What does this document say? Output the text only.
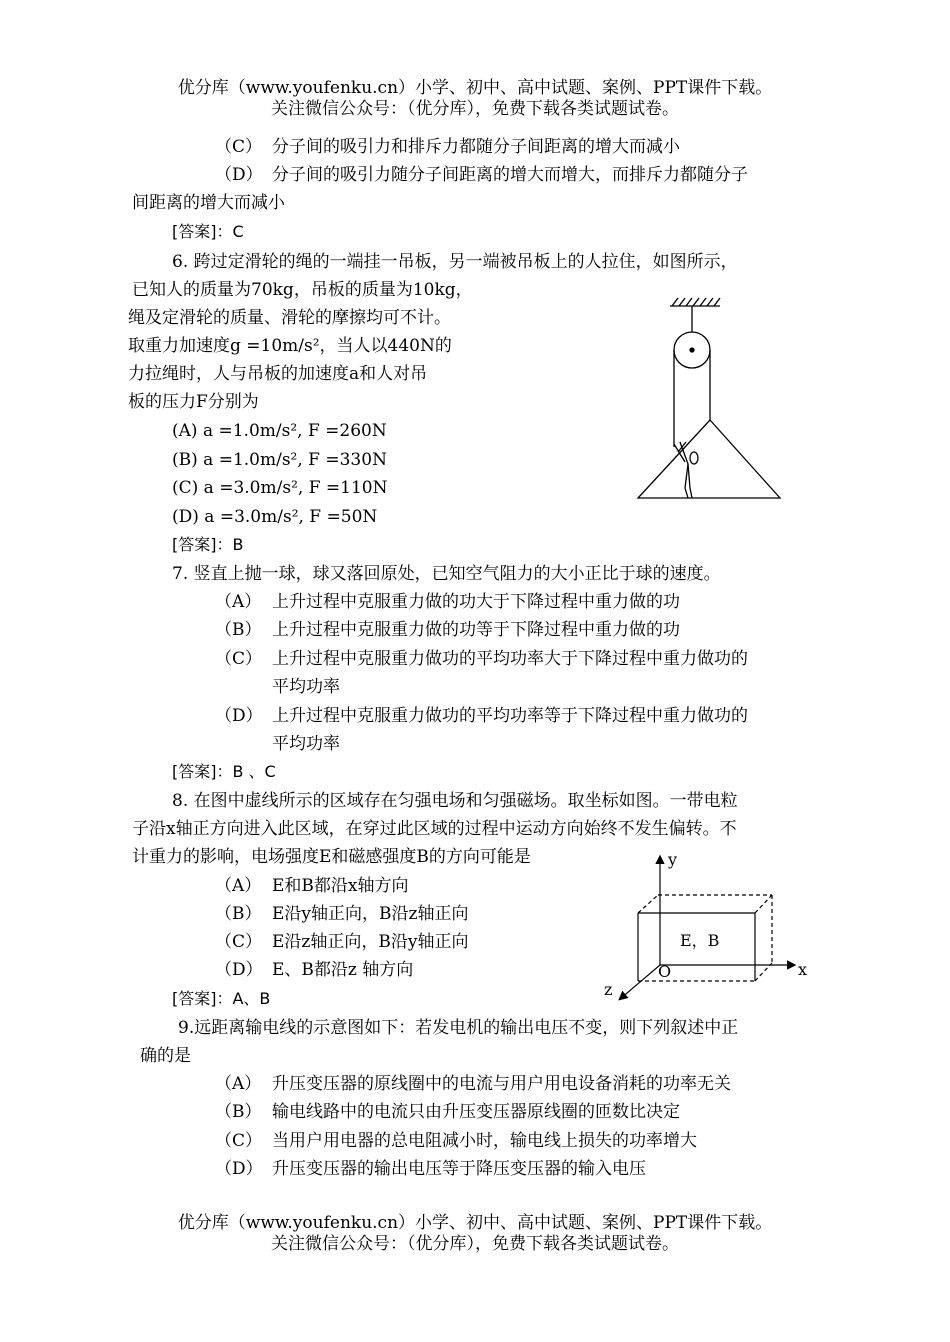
优分库（www.youfenku.cn）小学、初中、高中试题、案例、PPT课件下载。
关注微信公众号：（优分库），免费下载各类试题试卷。
（C） 分子间的吸引力和排斥力都随分子间距离的增大而减小
（D） 分子间的吸引力随分子间距离的增大而增大，而排斥力都随分子
间距离的增大而减小
[答案]：C
6. 跨过定滑轮的绳的一端挂一吊板，另一端被吊板上的人拉住，如图所示，
已知人的质量为70kg，吊板的质量为10kg，
绳及定滑轮的质量、滑轮的摩擦均可不计。
取重力加速度g =10m/s²，当人以440N的
力拉绳时，人与吊板的加速度a和人对吊
板的压力F分别为
(A) a =1.0m/s², F =260N
(B) a =1.0m/s², F =330N
(C) a =3.0m/s², F =110N
(D) a =3.0m/s², F =50N
[答案]：B
7. 竖直上抛一球，球又落回原处，已知空气阻力的大小正比于球的速度。
（A） 上升过程中克服重力做的功大于下降过程中重力做的功
（B） 上升过程中克服重力做的功等于下降过程中重力做的功
（C） 上升过程中克服重力做功的平均功率大于下降过程中重力做功的
平均功率
（D） 上升过程中克服重力做功的平均功率等于下降过程中重力做功的
平均功率
[答案]：B 、C
8. 在图中虚线所示的区域存在匀强电场和匀强磁场。取坐标如图。一带电粒
子沿x轴正方向进入此区域，在穿过此区域的过程中运动方向始终不发生偏转。不
计重力的影响，电场强度E和磁感强度B的方向可能是
（A） E和B都沿x轴方向
（B） E沿y轴正向，B沿z轴正向
（C） E沿z轴正向，B沿y轴正向
（D） E、B都沿z 轴方向
[答案]：A、B
y
x
z
O
E，B
9.远距离输电线的示意图如下：若发电机的输出电压不变，则下列叙述中正
确的是
（A） 升压变压器的原线圈中的电流与用户用电设备消耗的功率无关
（B） 输电线路中的电流只由升压变压器原线圈的匝数比决定
（C） 当用户用电器的总电阻减小时，输电线上损失的功率增大
（D） 升压变压器的输出电压等于降压变压器的输入电压
优分库（www.youfenku.cn）小学、初中、高中试题、案例、PPT课件下载。
关注微信公众号：（优分库），免费下载各类试题试卷。
